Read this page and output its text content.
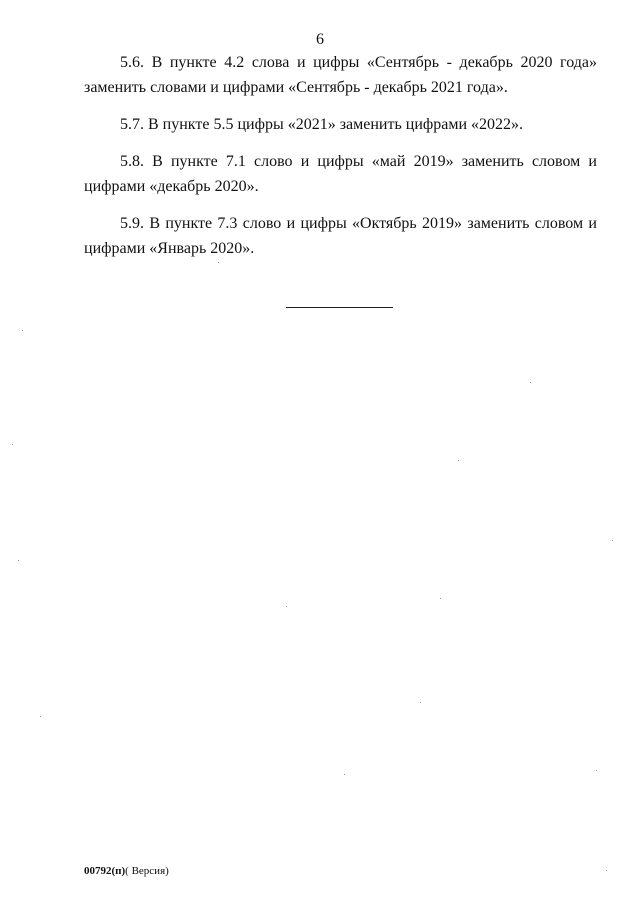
6

5.6. В пункте 4.2 слова и цифры «Сентябрь - декабрь 2020 года» заменить словами и цифрами «Сентябрь - декабрь 2021 года».

5.7. В пункте 5.5 цифры «2021» заменить цифрами «2022».

5.8. В пункте 7.1 слово и цифры «май 2019» заменить словом и цифрами «декабрь 2020».

5.9. В пункте 7.3 слово и цифры «Октябрь 2019» заменить словом и цифрами «Январь 2020».

00792(п)( Версия)
